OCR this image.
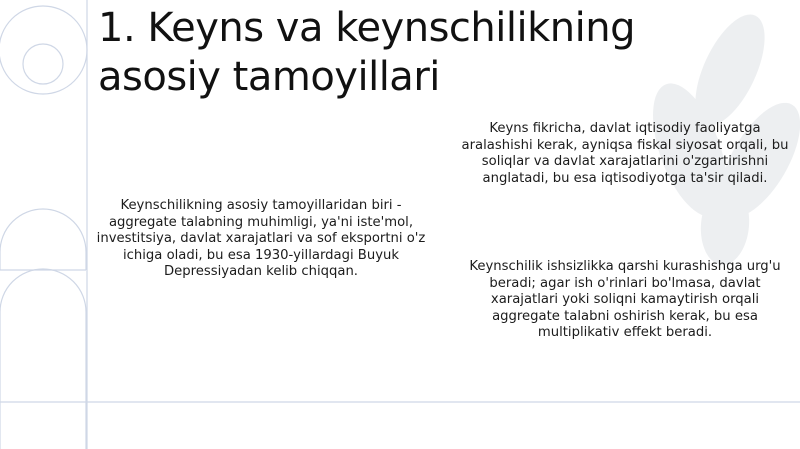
1. Keyns va keynschilikning asosiy tamoyillari

Keynschilikning asosiy tamoyillaridan biri - aggregate talabning muhimligi, ya'ni iste'mol, investitsiya, davlat xarajatlari va sof eksportni o'z ichiga oladi, bu esa 1930-yillardagi Buyuk Depressiyadan kelib chiqqan.

Keyns fikricha, davlat iqtisodiy faoliyatga aralashishi kerak, ayniqsa fiskal siyosat orqali, bu soliqlar va davlat xarajatlarini o'zgartirishni anglatadi, bu esa iqtisodiyotga ta'sir qiladi.

Keynschilik ishsizlikka qarshi kurashishga urg'u beradi; agar ish o'rinlari bo'lmasa, davlat xarajatlari yoki soliqni kamaytirish orqali aggregate talabni oshirish kerak, bu esa multiplikativ effekt beradi.
